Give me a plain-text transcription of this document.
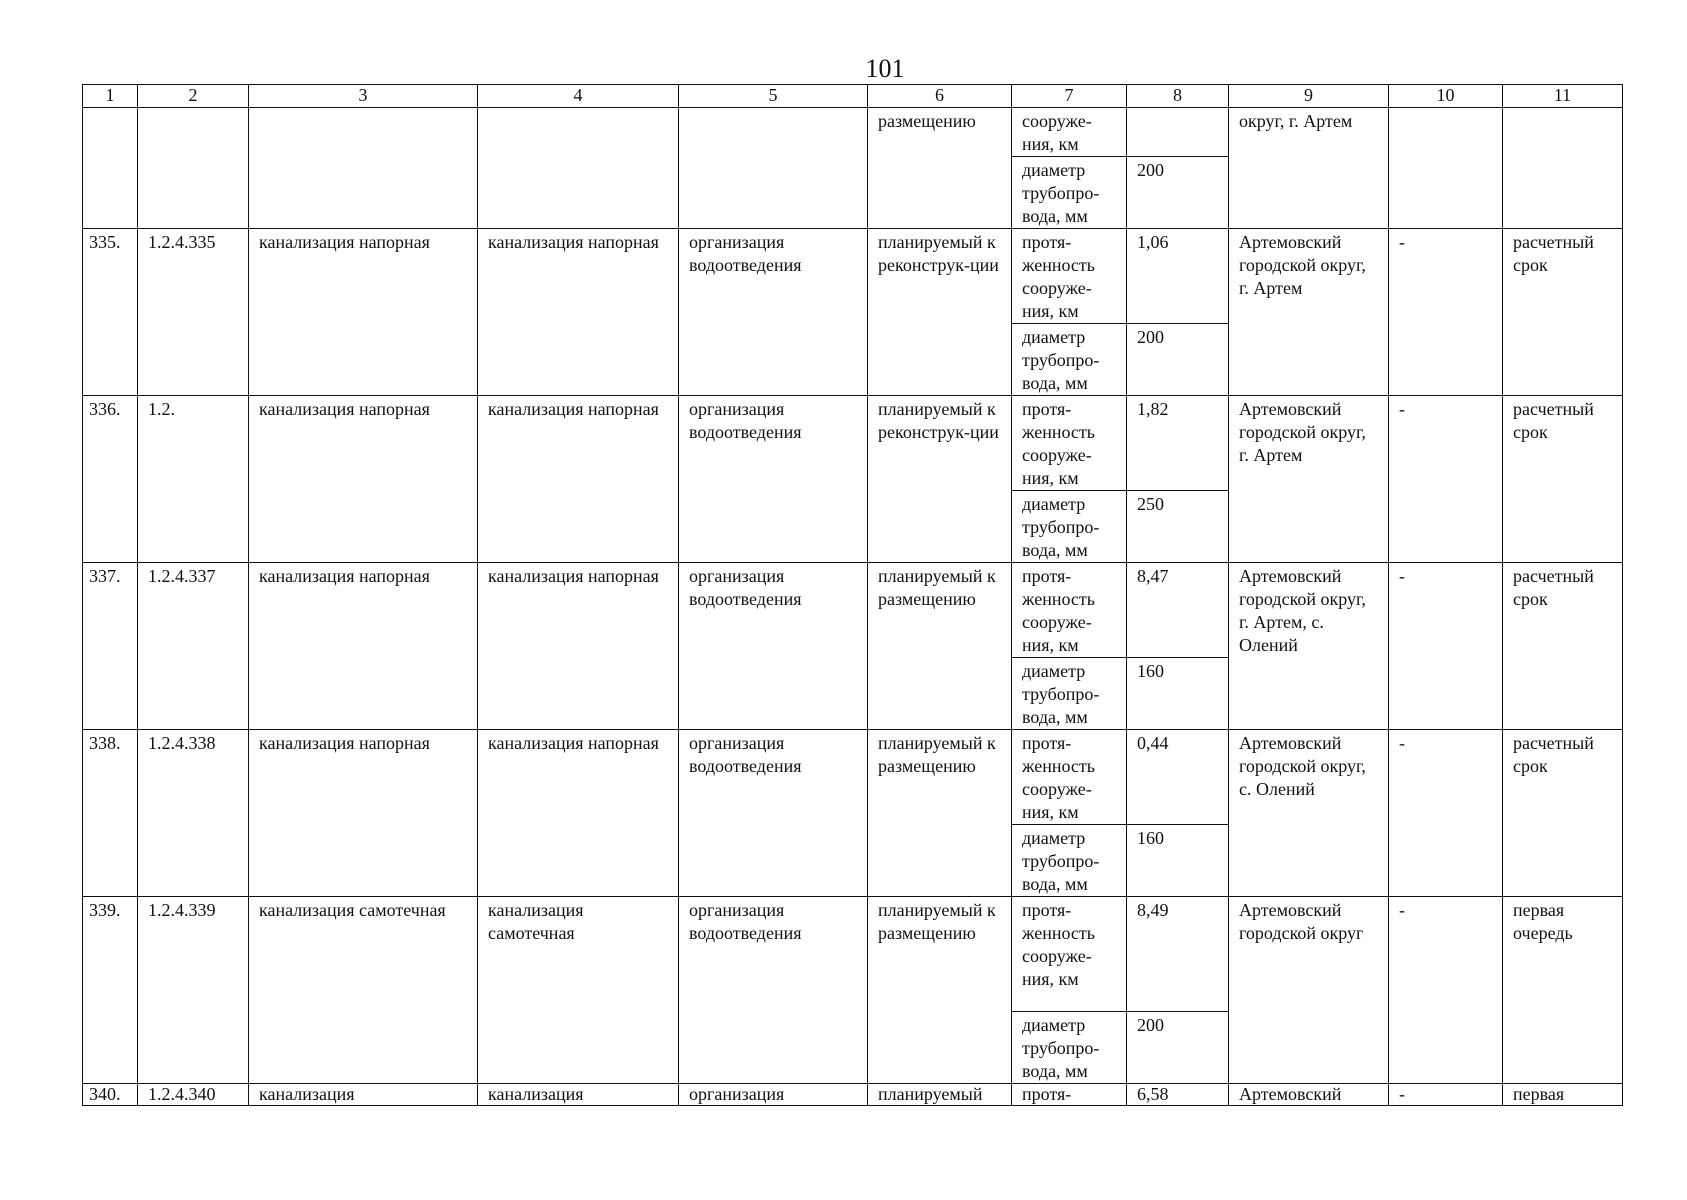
101
1	2	3	4	5	6	7	8	9	10	11
					размещению	сооруже-ния, км		округ, г. Артем		
						диаметр трубопро-вода, мм	200			
335.	1.2.4.335	канализация напорная	канализация напорная	организация водоотведения	планируемый к реконструк-ции	протя-женность сооруже-ния, км	1,06	Артемовский городской округ, г. Артем	-	расчетный срок
						диаметр трубопро-вода, мм	200			
336.	1.2.	канализация напорная	канализация напорная	организация водоотведения	планируемый к реконструк-ции	протя-женность сооруже-ния, км	1,82	Артемовский городской округ, г. Артем	-	расчетный срок
						диаметр трубопро-вода, мм	250			
337.	1.2.4.337	канализация напорная	канализация напорная	организация водоотведения	планируемый к размещению	протя-женность сооруже-ния, км	8,47	Артемовский городской округ, г. Артем, с. Олений	-	расчетный срок
						диаметр трубопро-вода, мм	160			
338.	1.2.4.338	канализация напорная	канализация напорная	организация водоотведения	планируемый к размещению	протя-женность сооруже-ния, км	0,44	Артемовский городской округ, с. Олений	-	расчетный срок
						диаметр трубопро-вода, мм	160			
339.	1.2.4.339	канализация самотечная	канализация самотечная	организация водоотведения	планируемый к размещению	протя-женность сооруже-ния, км	8,49	Артемовский городской округ	-	первая очередь
						диаметр трубопро-вода, мм	200			
340.	1.2.4.340	канализация	канализация	организация	планируемый	протя-	6,58	Артемовский	-	первая
